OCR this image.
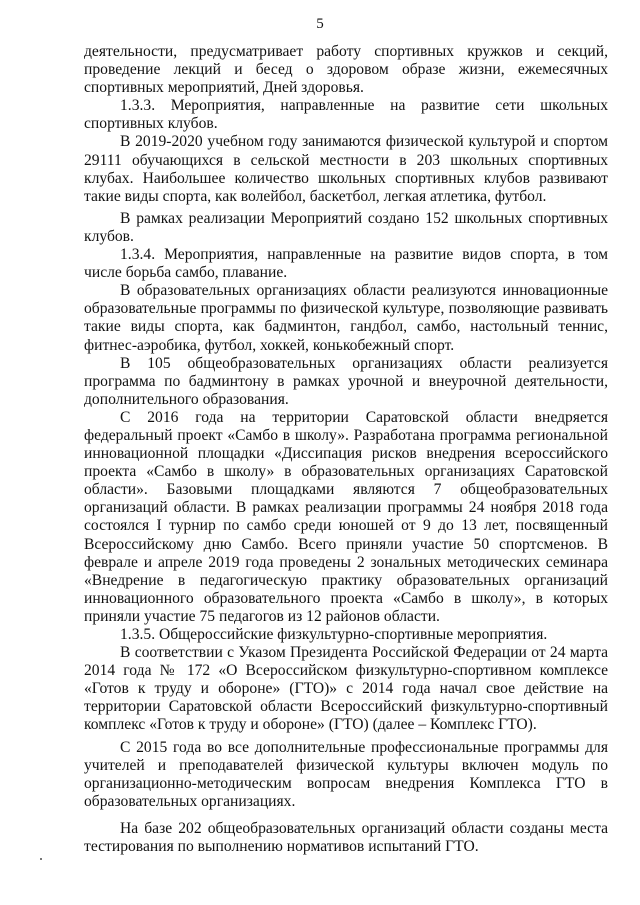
5

деятельности, предусматривает работу спортивных кружков и секций, проведение лекций и бесед о здоровом образе жизни, ежемесячных спортивных мероприятий, Дней здоровья.

1.3.3. Мероприятия, направленные на развитие сети школьных спортивных клубов.

В 2019-2020 учебном году занимаются физической культурой и спортом 29111 обучающихся в сельской местности в 203 школьных спортивных клубах. Наибольшее количество школьных спортивных клубов развивают такие виды спорта, как волейбол, баскетбол, легкая атлетика, футбол.

В рамках реализации Мероприятий создано 152 школьных спортивных клубов.

1.3.4. Мероприятия, направленные на развитие видов спорта, в том числе борьба самбо, плавание.

В образовательных организациях области реализуются инновационные образовательные программы по физической культуре, позволяющие развивать такие виды спорта, как бадминтон, гандбол, самбо, настольный теннис, фитнес-аэробика, футбол, хоккей, конькобежный спорт.

В 105 общеобразовательных организациях области реализуется программа по бадминтону в рамках урочной и внеурочной деятельности, дополнительного образования.

С 2016 года на территории Саратовской области внедряется федеральный проект «Самбо в школу». Разработана программа региональной инновационной площадки «Диссипация рисков внедрения всероссийского проекта «Самбо в школу» в образовательных организациях Саратовской области». Базовыми площадками являются 7 общеобразовательных организаций области. В рамках реализации программы 24 ноября 2018 года состоялся I турнир по самбо среди юношей от 9 до 13 лет, посвященный Всероссийскому дню Самбо. Всего приняли участие 50 спортсменов. В феврале и апреле 2019 года проведены 2 зональных методических семинара «Внедрение в педагогическую практику образовательных организаций инновационного образовательного проекта «Самбо в школу», в которых приняли участие 75 педагогов из 12 районов области.

1.3.5. Общероссийские физкультурно-спортивные мероприятия.

В соответствии с Указом Президента Российской Федерации от 24 марта 2014 года № 172 «О Всероссийском физкультурно-спортивном комплексе «Готов к труду и обороне» (ГТО)» с 2014 года начал свое действие на территории Саратовской области Всероссийский физкультурно-спортивный комплекс «Готов к труду и обороне» (ГТО) (далее – Комплекс ГТО).

С 2015 года во все дополнительные профессиональные программы для учителей и преподавателей физической культуры включен модуль по организационно-методическим вопросам внедрения Комплекса ГТО в образовательных организациях.

На базе 202 общеобразовательных организаций области созданы места тестирования по выполнению нормативов испытаний ГТО.
